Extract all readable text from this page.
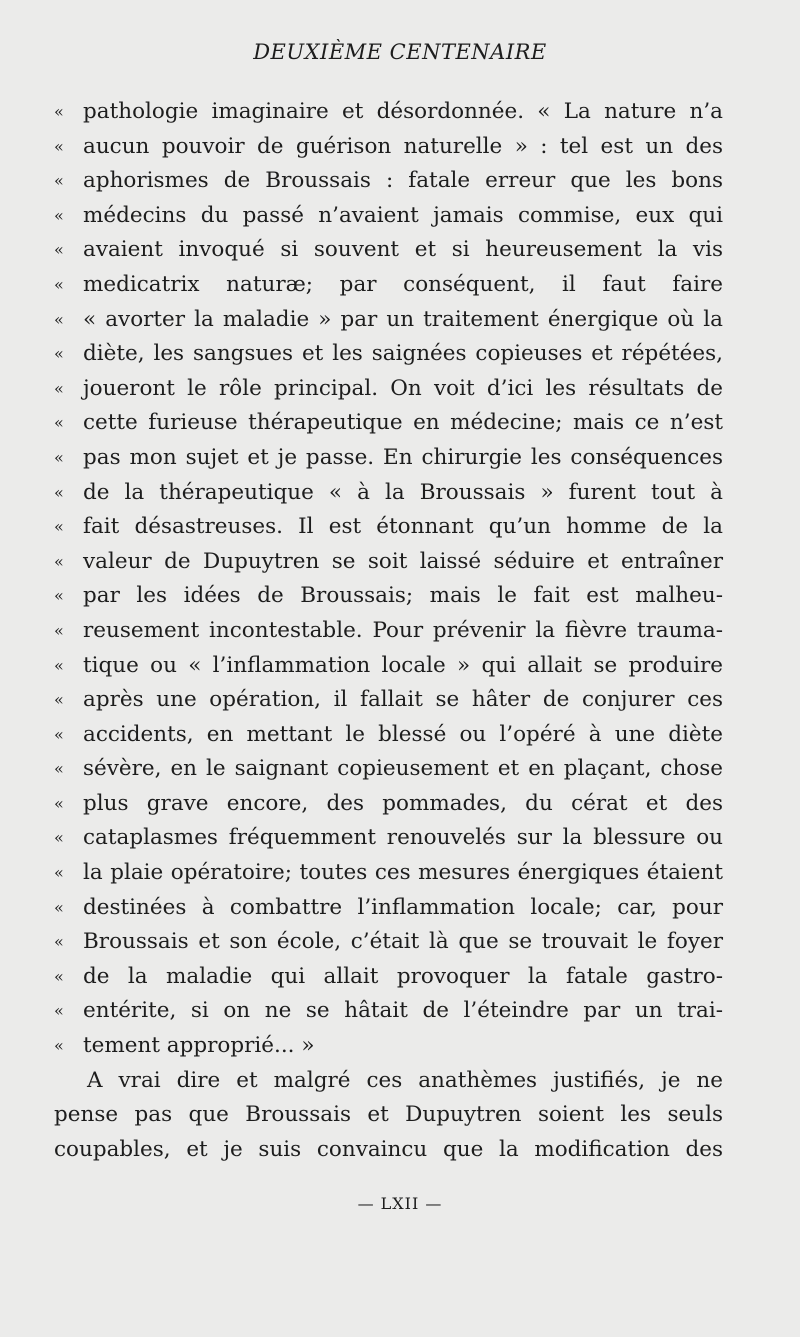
DEUXIÈME CENTENAIRE
« pathologie imaginaire et désordonnée. « La nature n’a
« aucun pouvoir de guérison naturelle » : tel est un des
« aphorismes de Broussais : fatale erreur que les bons
« médecins du passé n’avaient jamais commise, eux qui
« avaient invoqué si souvent et si heureusement la vis
« medicatrix naturæ; par conséquent, il faut faire
« « avorter la maladie » par un traitement énergique où la
« diète, les sangsues et les saignées copieuses et répétées,
« joueront le rôle principal. On voit d’ici les résultats de
« cette furieuse thérapeutique en médecine; mais ce n’est
« pas mon sujet et je passe. En chirurgie les conséquences
« de la thérapeutique « à la Broussais » furent tout à
« fait désastreuses. Il est étonnant qu’un homme de la
« valeur de Dupuytren se soit laissé séduire et entraîner
« par les idées de Broussais; mais le fait est malheu-
« reusement incontestable. Pour prévenir la fièvre trauma-
« tique ou « l’inflammation locale » qui allait se produire
« après une opération, il fallait se hâter de conjurer ces
« accidents, en mettant le blessé ou l’opéré à une diète
« sévère, en le saignant copieusement et en plaçant, chose
« plus grave encore, des pommades, du cérat et des
« cataplasmes fréquemment renouvelés sur la blessure ou
« la plaie opératoire; toutes ces mesures énergiques étaient
« destinées à combattre l’inflammation locale; car, pour
« Broussais et son école, c’était là que se trouvait le foyer
« de la maladie qui allait provoquer la fatale gastro-
« entérite, si on ne se hâtait de l’éteindre par un trai-
« tement approprié... »
A vrai dire et malgré ces anathèmes justifiés, je ne
pense pas que Broussais et Dupuytren soient les seuls
coupables, et je suis convaincu que la modification des
— LXII —
